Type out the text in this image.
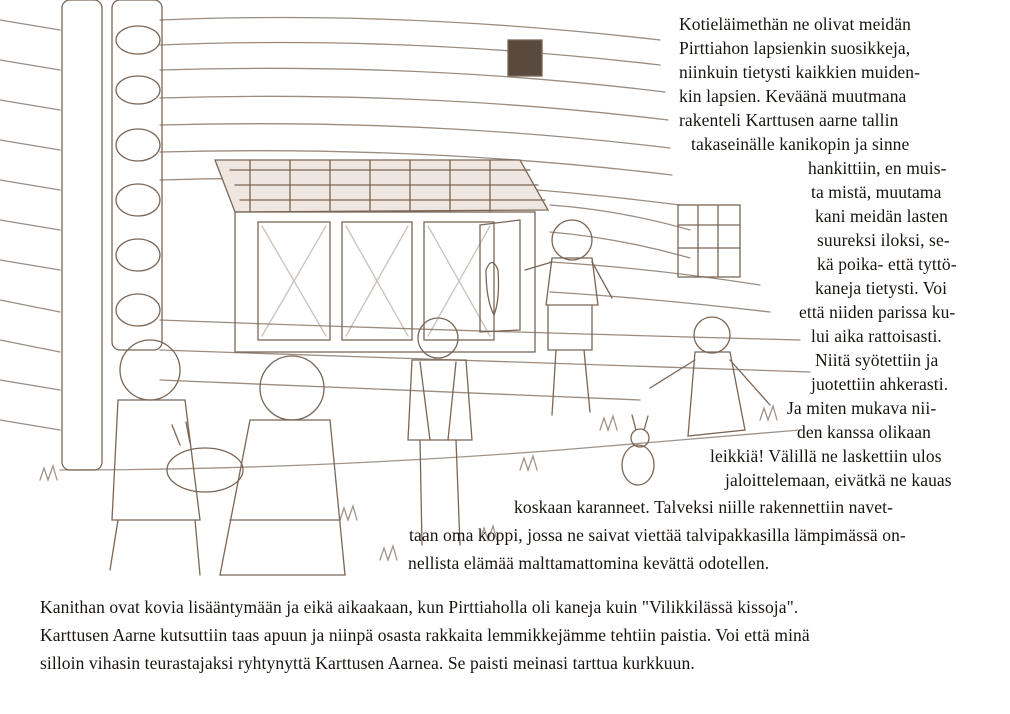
Kotieläimethän ne olivat meidän
Pirttiahon lapsienkin suosikkeja,
niinkuin tietysti kaikkien muiden-
kin lapsien. Keväänä muutmana
rakenteli Karttusen aarne tallin
takaseinälle kanikopin ja sinne
hankittiin, en muis-
ta mistä, muutama
kani meidän lasten
suureksi iloksi, se-
kä poika- että tyttö-
kaneja tietysti. Voi
että niiden parissa ku-
lui aika rattoisasti.
Niitä syötettiin ja
juotettiin ahkerasti.
Ja miten mukava nii-
den kanssa olikaan
leikkiä! Välillä ne laskettiin ulos
jaloittelemaan, eivätkä ne kauas
koskaan karanneet. Talveksi niille rakennettiin navet-
taan oma koppi, jossa ne saivat viettää talvipakkasilla lämpimässä on-
nellista elämää malttamattomina kevättä odotellen.
Kanithan ovat kovia lisääntymään ja eikä aikaakaan, kun Pirttiaholla oli kaneja kuin "Vilikkilässä kissoja".
Karttusen Aarne kutsuttiin taas apuun ja niinpä osasta rakkaita lemmikkejämme tehtiin paistia. Voi että minä
silloin vihasin teurastajaksi ryhtynyttä Karttusen Aarnea. Se paisti meinasi tarttua kurkkuun.
